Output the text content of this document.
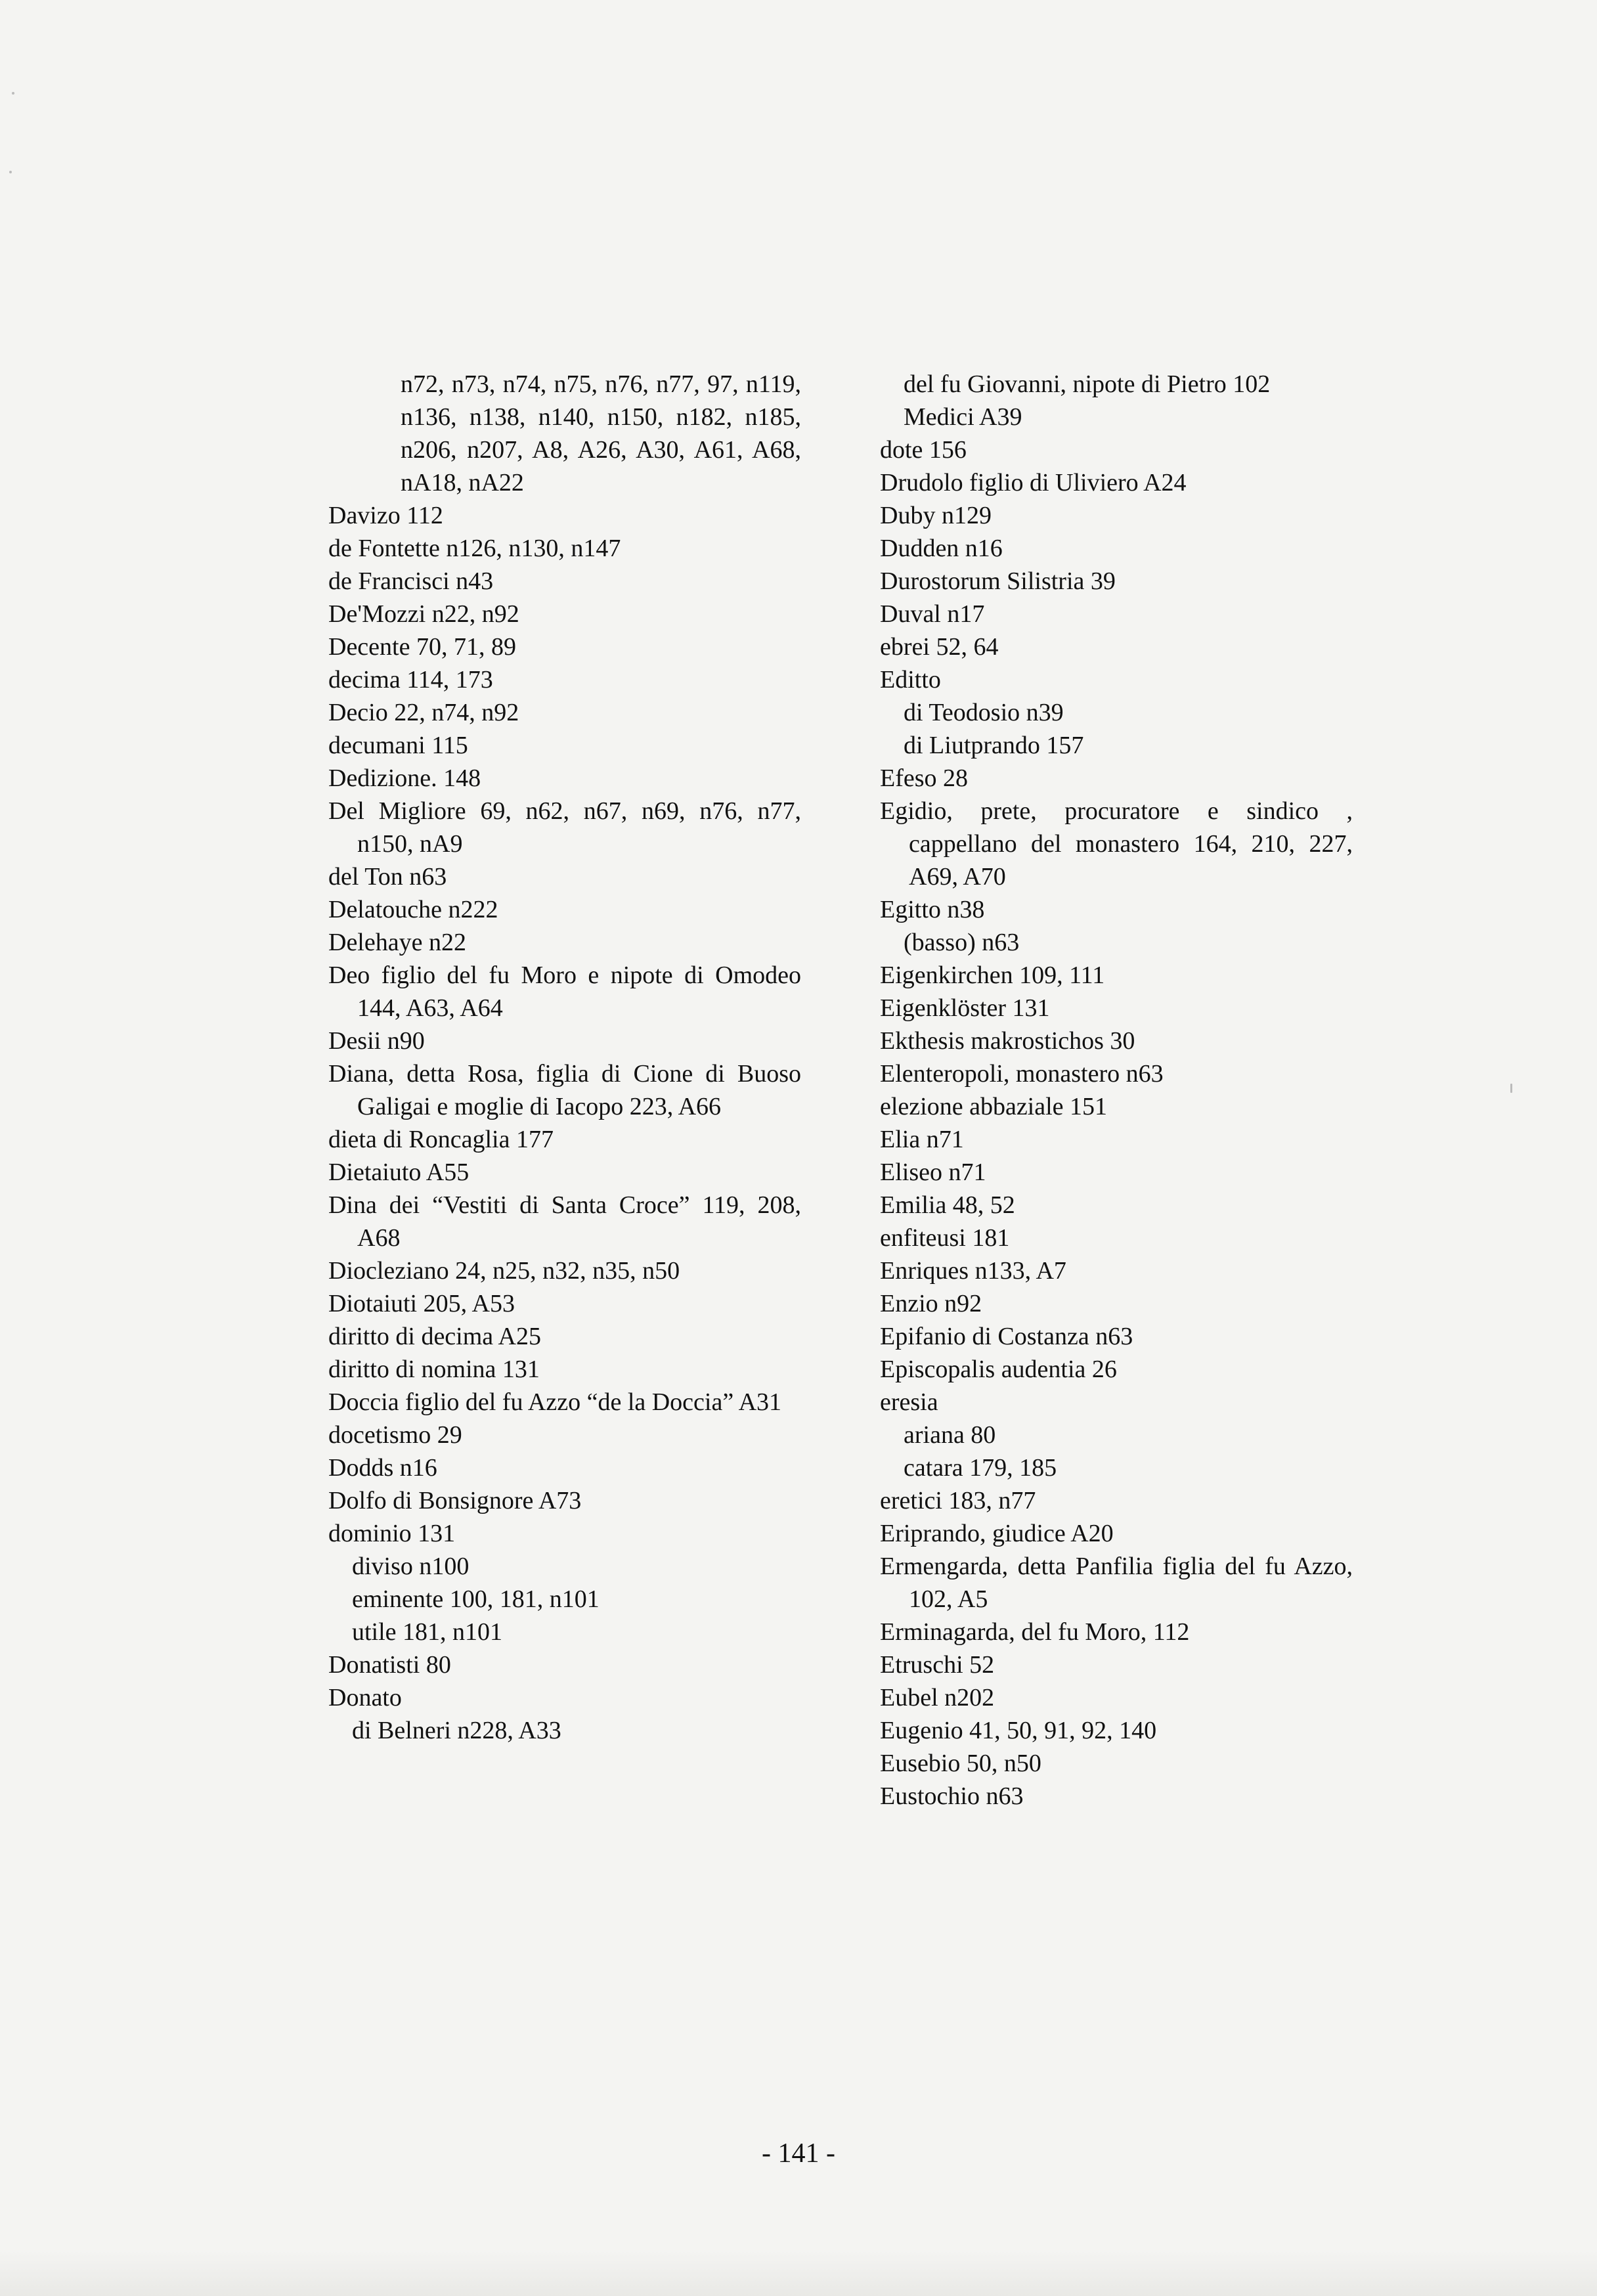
n72, n73, n74, n75, n76, n77, 97, n119, n136, n138, n140, n150, n182, n185, n206, n207, A8, A26, A30, A61, A68, nA18, nA22
Davizo 112
de Fontette n126, n130, n147
de Francisci n43
De'Mozzi n22, n92
Decente 70, 71, 89
decima 114, 173
Decio 22, n74, n92
decumani 115
Dedizione. 148
Del Migliore 69, n62, n67, n69, n76, n77, n150, nA9
del Ton n63
Delatouche n222
Delehaye n22
Deo figlio del fu Moro e nipote di Omodeo 144, A63, A64
Desii n90
Diana, detta Rosa, figlia di Cione di Buoso Galigai e moglie di Iacopo 223, A66
dieta di Roncaglia 177
Dietaiuto A55
Dina dei “Vestiti di Santa Croce” 119, 208, A68
Diocleziano 24, n25, n32, n35, n50
Diotaiuti 205, A53
diritto di decima A25
diritto di nomina 131
Doccia figlio del fu Azzo “de la Doccia” A31
docetismo 29
Dodds n16
Dolfo di Bonsignore A73
dominio 131
diviso n100
eminente 100, 181, n101
utile 181, n101
Donatisti 80
Donato
di Belneri n228, A33
del fu Giovanni, nipote di Pietro 102
Medici A39
dote 156
Drudolo figlio di Uliviero A24
Duby n129
Dudden n16
Durostorum Silistria 39
Duval n17
ebrei 52, 64
Editto
di Teodosio n39
di Liutprando 157
Efeso 28
Egidio, prete, procuratore e sindico , cappellano del monastero 164, 210, 227, A69, A70
Egitto n38
(basso) n63
Eigenkirchen 109, 111
Eigenklöster 131
Ekthesis makrostichos 30
Elenteropoli, monastero n63
elezione abbaziale 151
Elia n71
Eliseo n71
Emilia 48, 52
enfiteusi 181
Enriques n133, A7
Enzio n92
Epifanio di Costanza n63
Episcopalis audentia 26
eresia
ariana 80
catara 179, 185
eretici 183, n77
Eriprando, giudice A20
Ermengarda, detta Panfilia figlia del fu Azzo, 102, A5
Erminagarda, del fu Moro, 112
Etruschi 52
Eubel n202
Eugenio 41, 50, 91, 92, 140
Eusebio 50, n50
Eustochio n63
- 141 -
